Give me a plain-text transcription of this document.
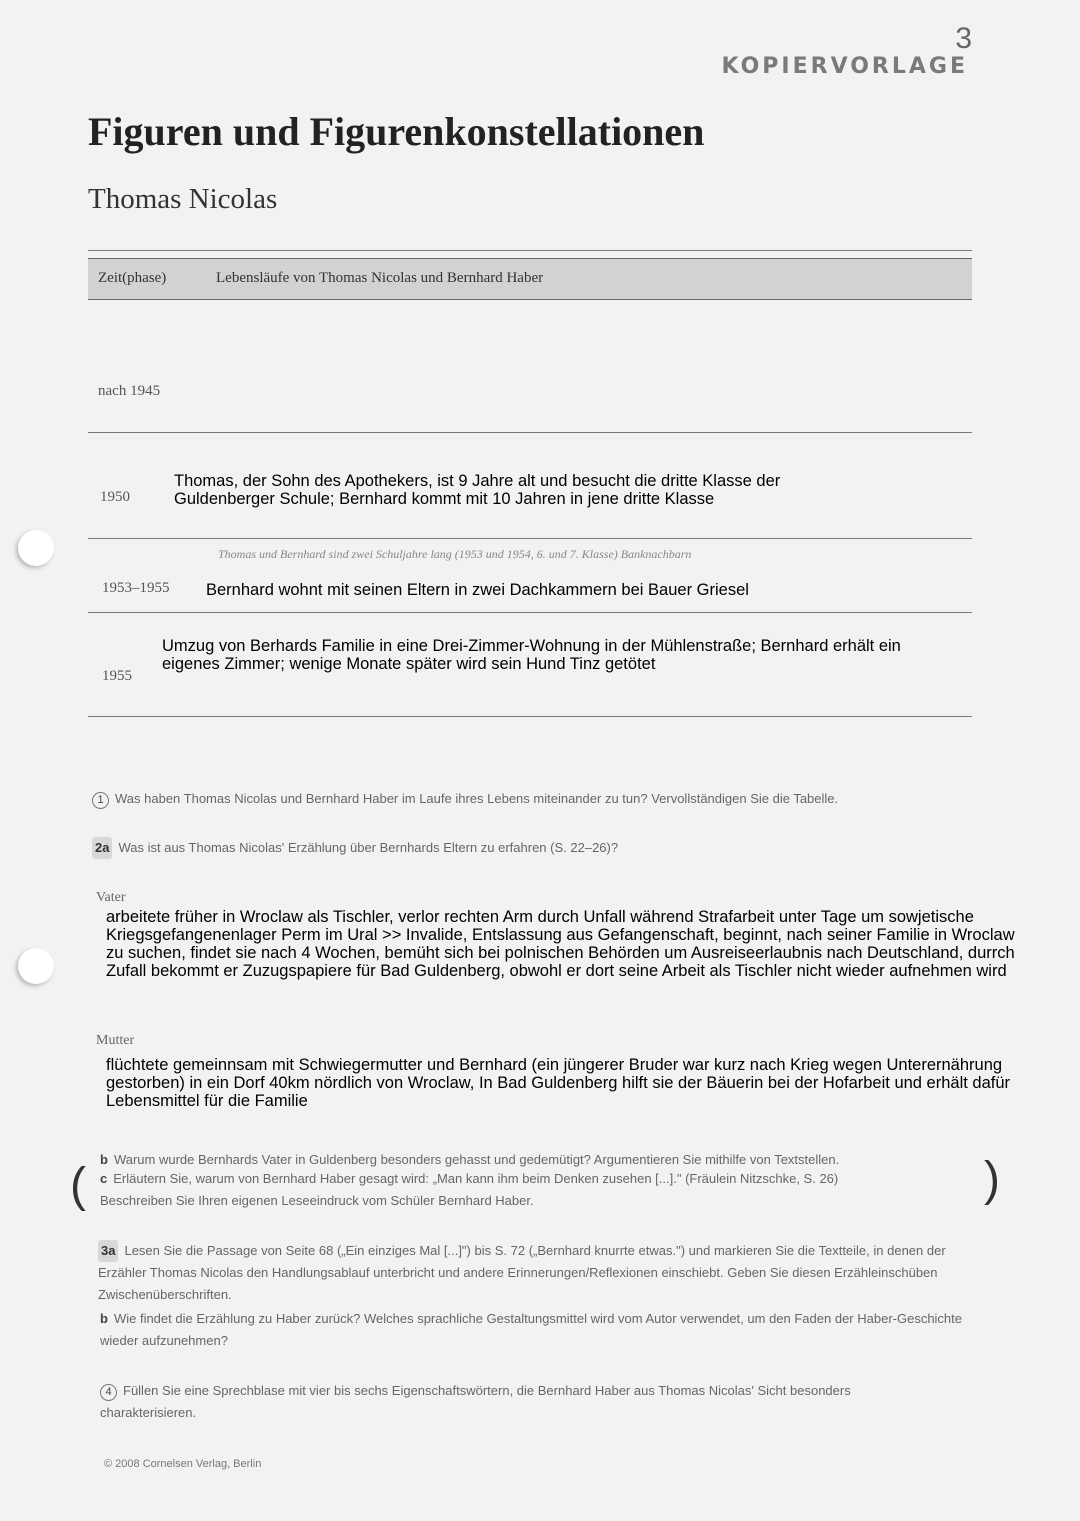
3
KOPIERVORLAGE
Figuren und Figurenkonstellationen
Thomas Nicolas
Zeit(phase)	Lebensläufe von Thomas Nicolas und Bernhard Haber
nach 1945
1950
Thomas, der Sohn des Apothekers, ist 9 Jahre alt und besucht die dritte Klasse der Guldenberger Schule; Bernhard kommt mit 10 Jahren in jene dritte Klasse
Thomas und Bernhard sind zwei Schuljahre lang (1953 und 1954, 6. und 7. Klasse) Banknachbarn
1953–1955 Bernhard wohnt mit seinen Eltern in zwei Dachkammern bei Bauer Griesel
Umzug von Berhards Familie in eine Drei-Zimmer-Wohnung in der Mühlenstraße; Bernhard erhält ein eigenes Zimmer; wenige Monate später wird sein Hund Tinz getötet
1955
1 Was haben Thomas Nicolas und Bernhard Haber im Laufe ihres Lebens miteinander zu tun? Vervollständigen Sie die Tabelle.
2a Was ist aus Thomas Nicolas' Erzählung über Bernhards Eltern zu erfahren (S. 22–26)?
Vater
arbeitete früher in Wroclaw als Tischler, verlor rechten Arm durch Unfall während Strafarbeit unter Tage um sowjetische Kriegsgefangenenlager Perm im Ural >> Invalide, Entslassung aus Gefangenschaft, beginnt, nach seiner Familie in Wroclaw zu suchen, findet sie nach 4 Wochen, bemüht sich bei polnischen Behörden um Ausreiseerlaubnis nach Deutschland, durrch Zufall bekommt er Zuzugspapiere für Bad Guldenberg, obwohl er dort seine Arbeit als Tischler nicht wieder aufnehmen wird
Mutter
flüchtete gemeinnsam mit Schwiegermutter und Bernhard (ein jüngerer Bruder war kurz nach Krieg wegen Unterernährung gestorben) in ein Dorf 40km nördlich von Wroclaw, In Bad Guldenberg hilft sie der Bäuerin bei der Hofarbeit und erhält dafür Lebensmittel für die Familie
(	)
b Warum wurde Bernhards Vater in Guldenberg besonders gehasst und gedemütigt? Argumentieren Sie mithilfe von Textstellen.
c Erläutern Sie, warum von Bernhard Haber gesagt wird: „Man kann ihm beim Denken zusehen [...]." (Fräulein Nitzschke, S. 26)
Beschreiben Sie Ihren eigenen Leseeindruck vom Schüler Bernhard Haber.
3a Lesen Sie die Passage von Seite 68 („Ein einziges Mal [...]") bis S. 72 („Bernhard knurrte etwas.") und markieren Sie die Textteile, in denen der Erzähler Thomas Nicolas den Handlungsablauf unterbricht und andere Erinnerungen/Reflexionen einschiebt. Geben Sie diesen Erzähleinschüben Zwischenüberschriften.
b Wie findet die Erzählung zu Haber zurück? Welches sprachliche Gestaltungsmittel wird vom Autor verwendet, um den Faden der Haber-Geschichte wieder aufzunehmen?
4 Füllen Sie eine Sprechblase mit vier bis sechs Eigenschaftswörtern, die Bernhard Haber aus Thomas Nicolas' Sicht besonders charakterisieren.
© 2008 Cornelsen Verlag, Berlin
